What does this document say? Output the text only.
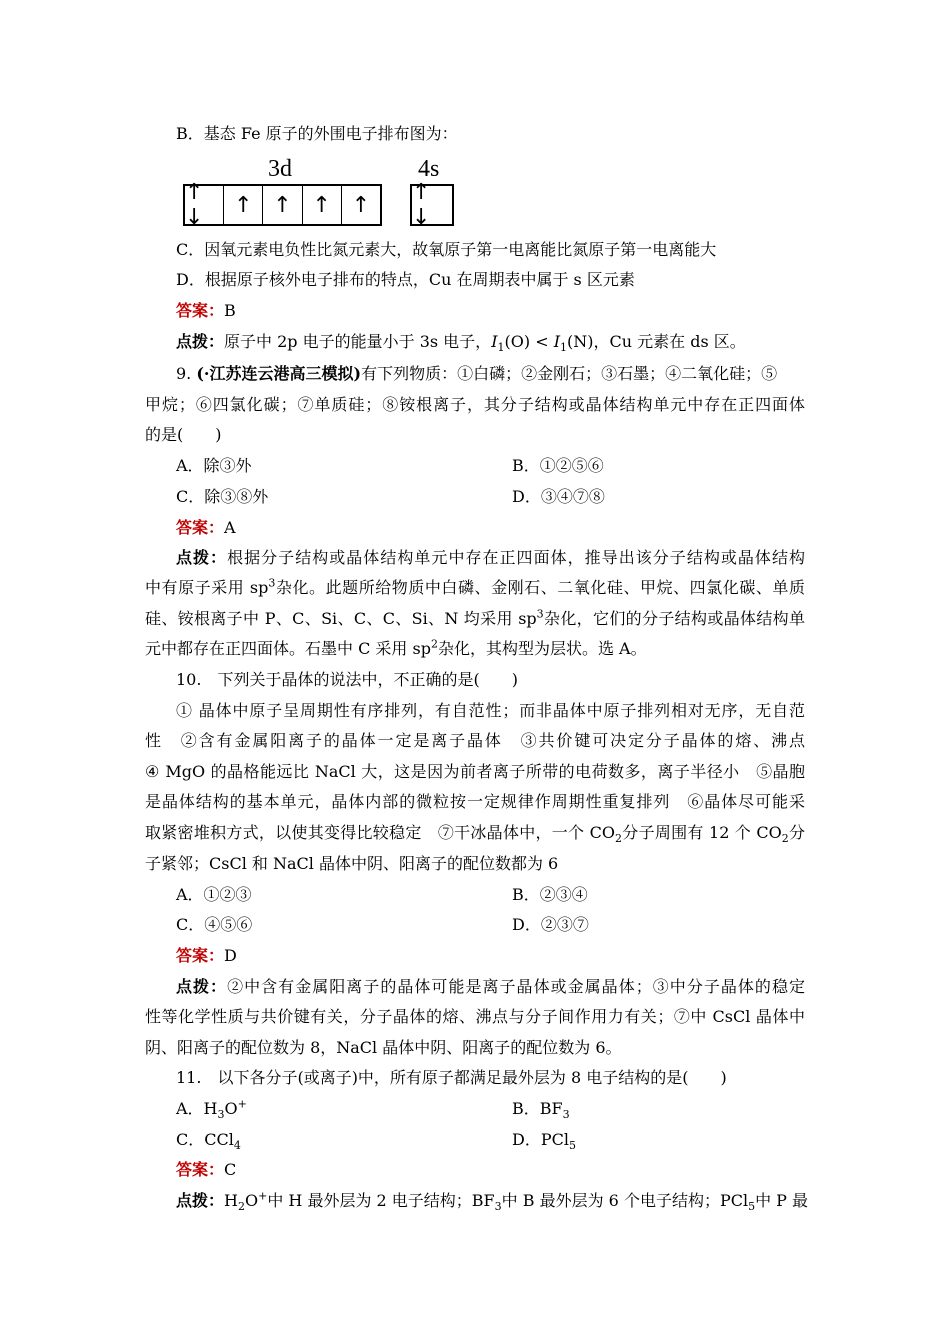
B．基态 Fe 原子的外围电子排布图为：
3d	4s
↑ ↓	↑ ↑ ↑ ↑	↑ ↓
C．因氧元素电负性比氮元素大，故氧原子第一电离能比氮原子第一电离能大
D．根据原子核外电子排布的特点，Cu 在周期表中属于 s 区元素
答案：B
点拨：原子中 2p 电子的能量小于 3s 电子，$I_1(O) < I_1(N)$，Cu 元素在 ds 区。
9. (·江苏连云港高三模拟)有下列物质：①白磷；②金刚石；③石墨；④二氧化硅；⑤
甲烷；⑥四氯化碳；⑦单质硅；⑧铵根离子，其分子结构或晶体结构单元中存在正四面体
的是(　　)
A．除③外	B．①②⑤⑥
C．除③⑧外	D．③④⑦⑧
答案：A
点拨：根据分子结构或晶体结构单元中存在正四面体，推导出该分子结构或晶体结构
中有原子采用 $sp^3$杂化。此题所给物质中白磷、金刚石、二氧化硅、甲烷、四氯化碳、单质
硅、铵根离子中 P、C、Si、C、C、Si、N 均采用 $sp^3$杂化，它们的分子结构或晶体结构单
元中都存在正四面体。石墨中 C 采用 $sp^2$杂化，其构型为层状。选 A。
10.　下列关于晶体的说法中，不正确的是(　　)
① 晶体中原子呈周期性有序排列，有自范性；而非晶体中原子排列相对无序，无自范
性　②含有金属阳离子的晶体一定是离子晶体　③共价键可决定分子晶体的熔、沸点
④ MgO 的晶格能远比 NaCl 大，这是因为前者离子所带的电荷数多，离子半径小　⑤晶胞
是晶体结构的基本单元，晶体内部的微粒按一定规律作周期性重复排列　⑥晶体尽可能采
取紧密堆积方式，以使其变得比较稳定　⑦干冰晶体中，一个 $CO_2$分子周围有 12 个 $CO_2$分
子紧邻；CsCl 和 NaCl 晶体中阴、阳离子的配位数都为 6
A．①②③	B．②③④
C．④⑤⑥	D．②③⑦
答案：D
点拨：②中含有金属阳离子的晶体可能是离子晶体或金属晶体；③中分子晶体的稳定
性等化学性质与共价键有关，分子晶体的熔、沸点与分子间作用力有关；⑦中 CsCl 晶体中
阴、阳离子的配位数为 8，NaCl 晶体中阴、阳离子的配位数为 6。
11.　以下各分子(或离子)中，所有原子都满足最外层为 8 电子结构的是(　　)
A．$H_3O^+$	B．$BF_3$
C．CCl$_4$	D．PCl$_5$
答案：C
点拨：$H_2O^+$中 H 最外层为 2 电子结构；$BF_3$中 B 最外层为 6 个电子结构；PCl$_5$中 P 最
